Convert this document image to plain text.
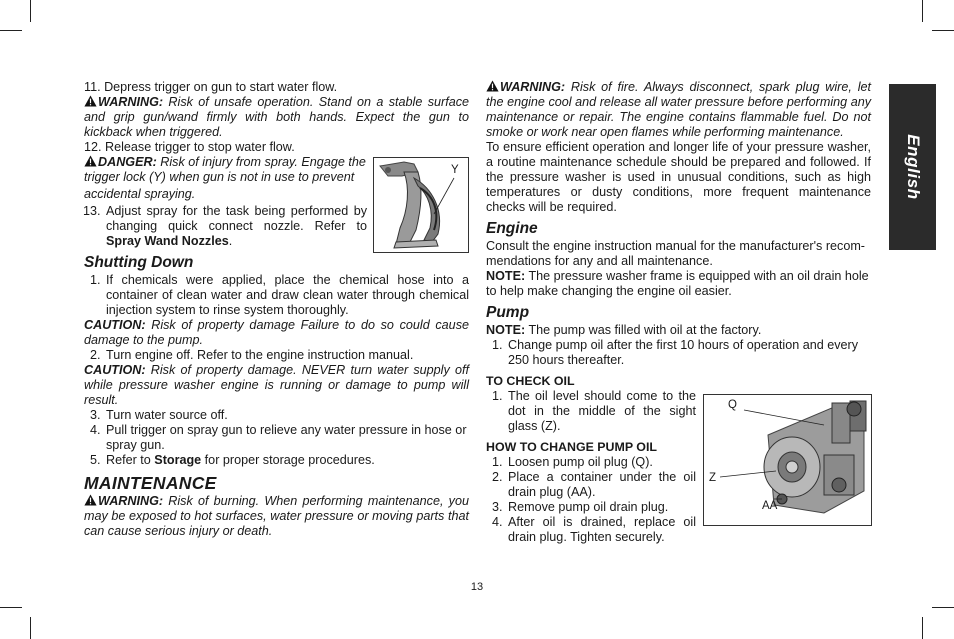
11. Depress trigger on gun to start water flow.

WARNING: Risk of unsafe operation. Stand on a stable surface and grip gun/wand firmly with both hands. Expect the gun to kickback when triggered.

12. Release trigger to stop water flow.

DANGER: Risk of injury from spray. Engage the
trigger lock (Y) when gun is not in use to prevent
accidental spraying.

13. Adjust spray for the task being performed by changing quick connect nozzle. Refer to Spray Wand Nozzles.
Y
Shutting Down
1. If chemicals were applied, place the chemical hose into a container of clean water and draw clean water through chemical injection system to rinse system thoroughly.

CAUTION: Risk of property damage Failure to do so could cause damage to the pump.

2. Turn engine off. Refer to the engine instruction manual.

CAUTION: Risk of property damage. NEVER turn water supply off while pressure washer engine is running or damage to pump will result.

3. Turn water source off.
4. Pull trigger on spray gun to relieve any water pressure in hose or spray gun.
5. Refer to Storage for proper storage procedures.
MAINTENANCE

WARNING: Risk of burning. When performing maintenance, you may be exposed to hot surfaces, water pressure or moving parts that can cause serious injury or death.

WARNING: Risk of fire. Always disconnect, spark plug wire, let the engine cool and release all water pressure before performing any maintenance or repair. The engine contains flammable fuel. Do not smoke or work near open flames while performing maintenance.

To ensure efficient operation and longer life of your pressure washer, a routine maintenance schedule should be prepared and followed. If the pressure washer is used in unusual conditions, such as high temperatures or dusty conditions, more frequent maintenance checks will be required.

Engine

Consult the engine instruction manual for the manufacturer's recom-mendations for any and all maintenance.

NOTE: The pressure washer frame is equipped with an oil drain hole to help make changing the engine oil easier.

Pump

NOTE: The pump was filled with oil at the factory.

1. Change pump oil after the first 10 hours of operation and every 250 hours thereafter.
TO CHECK OIL
1. The oil level should come to the dot in the middle of the sight glass (Z).
HOW TO CHANGE PUMP OIL
1. Loosen pump oil plug (Q).
2. Place a container under the oil drain plug (AA).
3. Remove pump oil drain plug.
4. After oil is drained, replace oil drain plug. Tighten securely.
Q
Z
AA
English
13
